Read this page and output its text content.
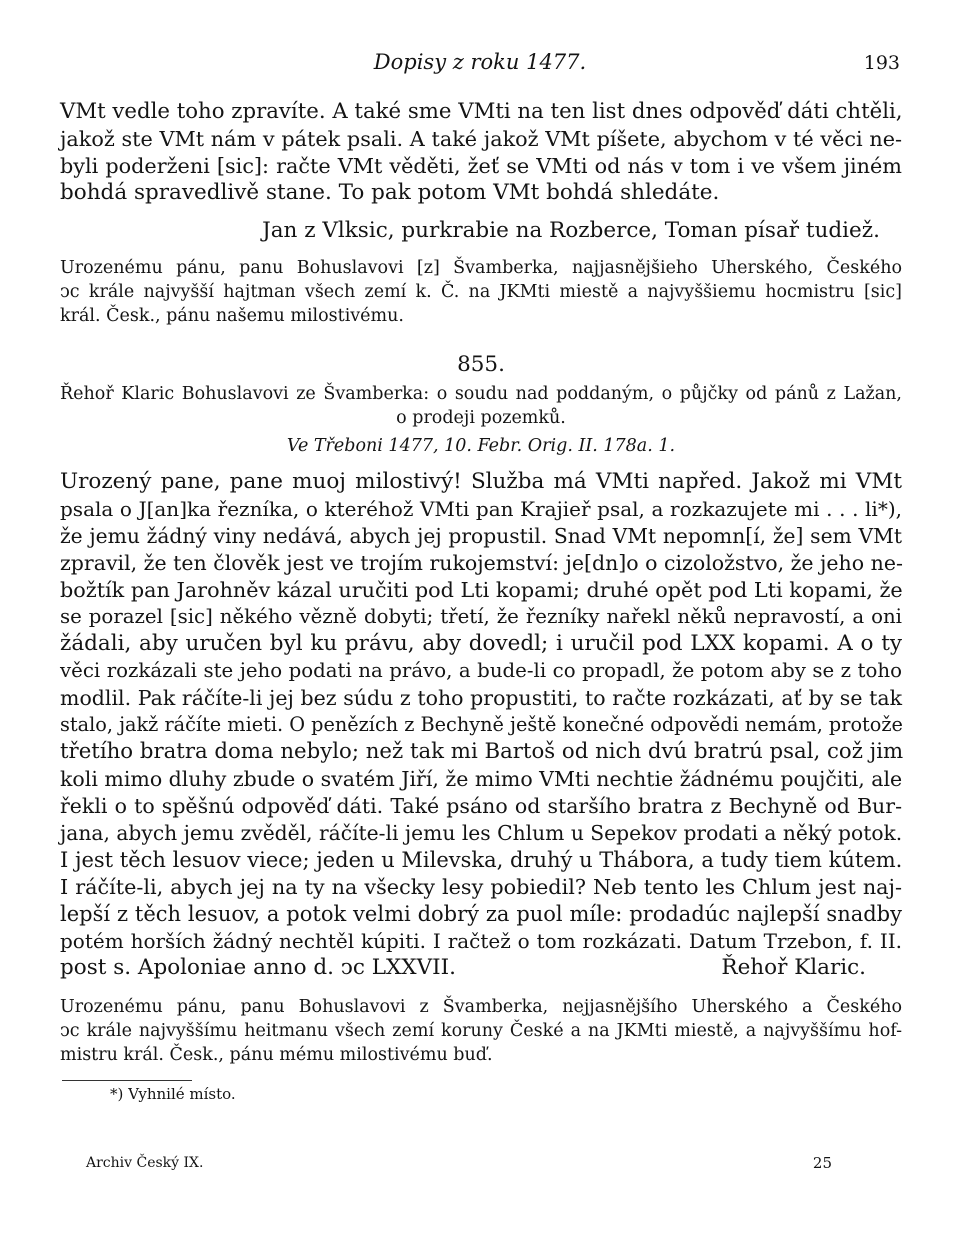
Dopisy z roku 1477.	193

VMt vedle toho zpravíte. A také sme VMti na ten list dnes odpověď dáti chtěli,

jakož ste VMt nám v pátek psali. A také jakož VMt píšete, abychom v té věci ne-

byli poderženi [sic]: račte VMt věděti, žeť se VMti od nás v tom i ve všem jiném

bohdá spravedlivě stane. To pak potom VMt bohdá shledáte.

Jan z Vlksic, purkrabie na Rozberce, Toman písař tudiež.

Urozenému pánu, panu Bohuslavovi [z] Švamberka, najjasnějšieho Uherského, Českého

ↄc krále najvyšší hajtman všech zemí k. Č. na JKMti miestě a najvyššiemu hocmistru [sic]

král. Česk., pánu našemu milostivému.

855.

Řehoř Klaric Bohuslavovi ze Švamberka: o soudu nad poddaným, o půjčky od pánů z Lažan,

o prodeji pozemků.

Ve Třeboni 1477, 10. Febr. Orig. II. 178a. 1.

Urozený pane, pane muoj milostivý! Služba má VMti napřed. Jakož mi VMt

psala o J[an]ka řezníka, o kteréhož VMti pan Krajieř psal, a rozkazujete mi . . . li*),

že jemu žádný viny nedává, abych jej propustil. Snad VMt nepomn[í, že] sem VMt

zpravil, že ten člověk jest ve trojím rukojemství: je[dn]o o cizoložstvo, že jeho ne-

božtík pan Jarohněv kázal uručiti pod Lti kopami; druhé opět pod Lti kopami, že

se porazel [sic] někého vězně dobyti; třetí, že řezníky nařekl něků nepravostí, a oni

žádali, aby uručen byl ku právu, aby dovedl; i uručil pod LXX kopami. A o ty

věci rozkázali ste jeho podati na právo, a bude-li co propadl, že potom aby se z toho

modlil. Pak ráčíte-li jej bez súdu z toho propustiti, to račte rozkázati, ať by se tak

stalo, jakž ráčíte mieti. O penězích z Bechyně ještě konečné odpovědi nemám, protože

třetího bratra doma nebylo; než tak mi Bartoš od nich dvú bratrú psal, což jim

koli mimo dluhy zbude o svatém Jiří, že mimo VMti nechtie žádnému poujčiti, ale

řekli o to spěšnú odpověď dáti. Také psáno od staršího bratra z Bechyně od Bur-

jana, abych jemu zvěděl, ráčíte-li jemu les Chlum u Sepekov prodati a něký potok.

I jest těch lesuov viece; jeden u Milevska, druhý u Thábora, a tudy tiem kútem.

I ráčíte-li, abych jej na ty na všecky lesy pobiedil? Neb tento les Chlum jest naj-

lepší z těch lesuov, a potok velmi dobrý za puol míle: prodadúc najlepší snadby

potém horších žádný nechtěl kúpiti. I račtež o tom rozkázati. Datum Trzebon, f. II.

post s. Apoloniae anno d. ↄc LXXVII.	Řehoř Klaric.

Urozenému pánu, panu Bohuslavovi z Švamberka, nejjasnějšího Uherského a Českého

ↄc krále najvyššímu heitmanu všech zemí koruny České a na JKMti miestě, a najvyššímu hof-

mistru král. Česk., pánu mému milostivému buď.

*) Vyhnilé místo.
Archiv Český IX.	25
